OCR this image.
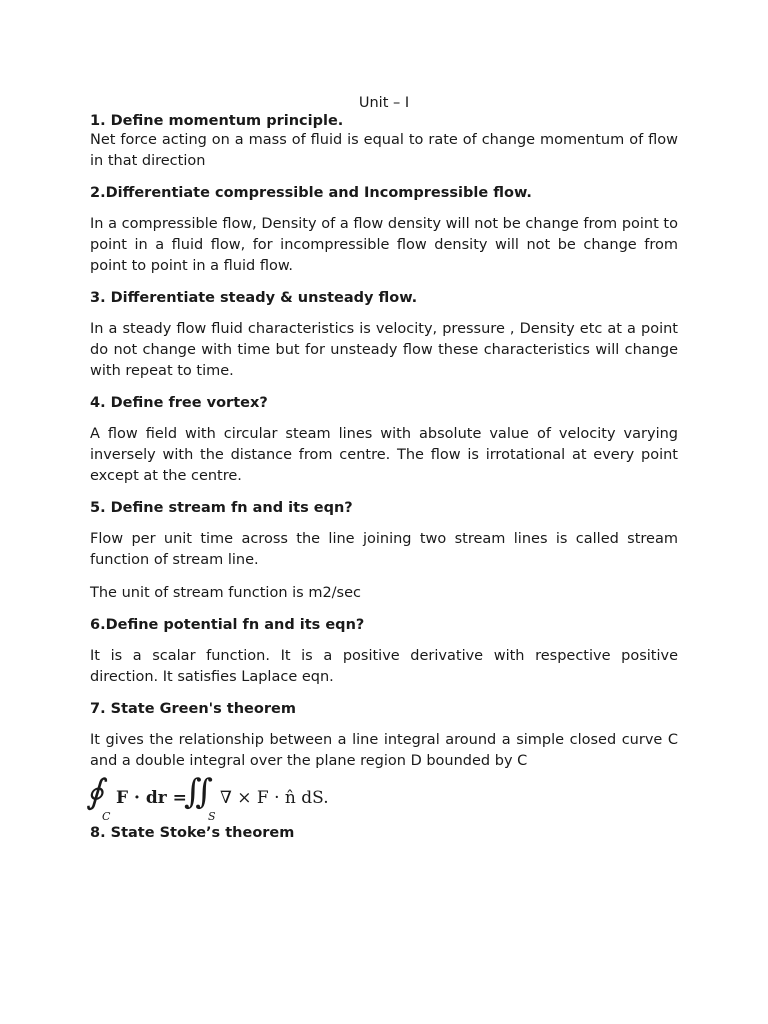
Unit – I

1. Define momentum principle.

Net force acting on a mass of fluid is equal to rate of change momentum of flow in that direction

2.Differentiate compressible and Incompressible flow.

In a compressible flow, Density of a flow density will not be change from point to point in a fluid flow, for incompressible flow density will not be change from point to point in a fluid flow.

3. Differentiate steady & unsteady flow.

In a steady flow fluid characteristics is velocity, pressure , Density etc at a point do not change with time but for unsteady flow these characteristics will change with repeat to time.

4. Define free vortex?

A flow field with circular steam lines with absolute value of velocity varying inversely with the distance from centre. The flow is irrotational at every point except at the centre.

5. Define stream fn and its eqn?

Flow per unit time across the line joining two stream lines is called stream function of stream line.

The unit of stream function is m2/sec

6.Define potential fn and its eqn?

It is a scalar function. It is a positive derivative with respective positive direction. It satisfies Laplace eqn.

7. State Green's theorem

It gives the relationship between a line integral around a simple closed curve C and a double integral over the plane region D bounded by C

∮
C
F · dr =
∬
S
∇ × F · n̂ dS.

8. State Stoke’s theorem
